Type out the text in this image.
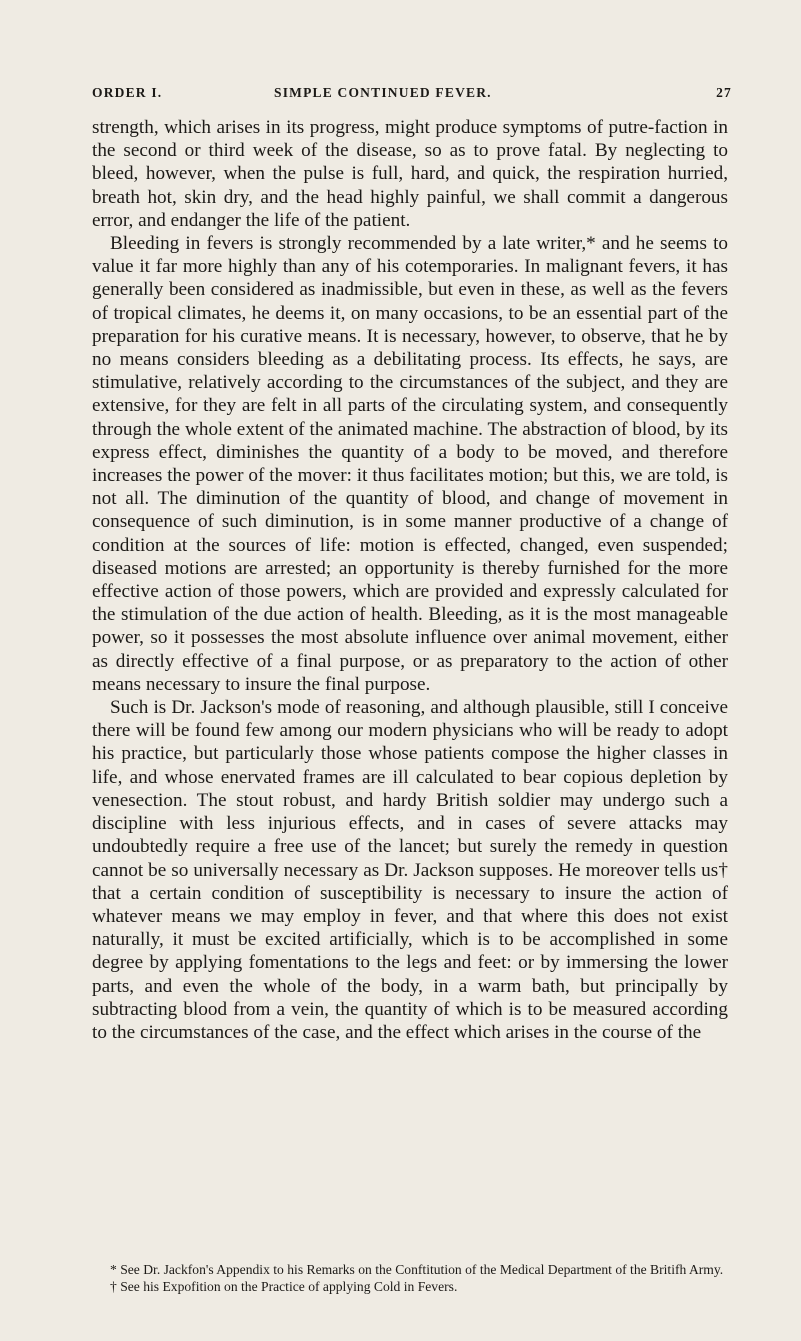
ORDER I.	SIMPLE CONTINUED FEVER.	27

strength, which arises in its progress, might produce symptoms of putre-faction in the second or third week of the disease, so as to prove fatal. By neglecting to bleed, however, when the pulse is full, hard, and quick, the respiration hurried, breath hot, skin dry, and the head highly painful, we shall commit a dangerous error, and endanger the life of the patient.

Bleeding in fevers is strongly recommended by a late writer,* and he seems to value it far more highly than any of his cotemporaries. In malignant fevers, it has generally been considered as inadmissible, but even in these, as well as the fevers of tropical climates, he deems it, on many occasions, to be an essential part of the preparation for his curative means. It is necessary, however, to observe, that he by no means considers bleeding as a debilitating process. Its effects, he says, are stimulative, relatively according to the circumstances of the subject, and they are extensive, for they are felt in all parts of the circulating system, and consequently through the whole extent of the animated machine. The abstraction of blood, by its express effect, diminishes the quantity of a body to be moved, and therefore increases the power of the mover: it thus facilitates motion; but this, we are told, is not all. The diminution of the quantity of blood, and change of movement in consequence of such diminution, is in some manner productive of a change of condition at the sources of life: motion is effected, changed, even suspended; diseased motions are arrested; an opportunity is thereby furnished for the more effective action of those powers, which are provided and expressly calculated for the stimulation of the due action of health. Bleeding, as it is the most manageable power, so it possesses the most absolute influence over animal movement, either as directly effective of a final purpose, or as preparatory to the action of other means necessary to insure the final purpose.

Such is Dr. Jackson's mode of reasoning, and although plausible, still I conceive there will be found few among our modern physicians who will be ready to adopt his practice, but particularly those whose patients compose the higher classes in life, and whose enervated frames are ill calculated to bear copious depletion by venesection. The stout robust, and hardy British soldier may undergo such a discipline with less injurious effects, and in cases of severe attacks may undoubtedly require a free use of the lancet; but surely the remedy in question cannot be so universally necessary as Dr. Jackson supposes. He moreover tells us† that a certain condition of susceptibility is necessary to insure the action of whatever means we may employ in fever, and that where this does not exist naturally, it must be excited artificially, which is to be accomplished in some degree by applying fomentations to the legs and feet: or by immersing the lower parts, and even the whole of the body, in a warm bath, but principally by subtracting blood from a vein, the quantity of which is to be measured according to the circumstances of the case, and the effect which arises in the course of the

* See Dr. Jackfon's Appendix to his Remarks on the Conftitution of the Medical Department of the Britifh Army.

† See his Expofition on the Practice of applying Cold in Fevers.
